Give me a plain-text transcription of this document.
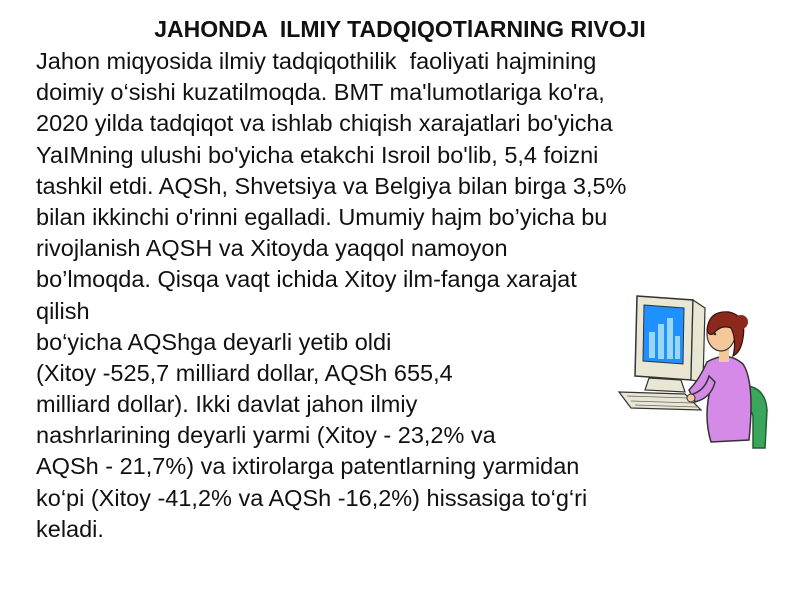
JAHONDA  ILMIY TADQIQOTlARNING RIVOJI
Jahon miqyosida ilmiy tadqiqothilik  faoliyati hajmining
doimiy o‘sishi kuzatilmoqda. BMT ma'lumotlariga ko'ra,
2020 yilda tadqiqot va ishlab chiqish xarajatlari bo'yicha
YaIMning ulushi bo'yicha etakchi Isroil bo'lib, 5,4 foizni
tashkil etdi. AQSh, Shvetsiya va Belgiya bilan birga 3,5%
bilan ikkinchi o'rinni egalladi. Umumiy hajm bo’yicha bu
rivojlanish AQSH va Xitoyda yaqqol namoyon
bo’lmoqda. Qisqa vaqt ichida Xitoy ilm-fanga xarajat
qilish
bo‘yicha AQShga deyarli yetib oldi
(Xitoy -525,7 milliard dollar, AQSh 655,4
milliard dollar). Ikki davlat jahon ilmiy
nashrlarining deyarli yarmi (Xitoy - 23,2% va
AQSh - 21,7%) va ixtirolarga patentlarning yarmidan
ko‘pi (Xitoy -41,2% va AQSh -16,2%) hissasiga to‘g‘ri
keladi.
